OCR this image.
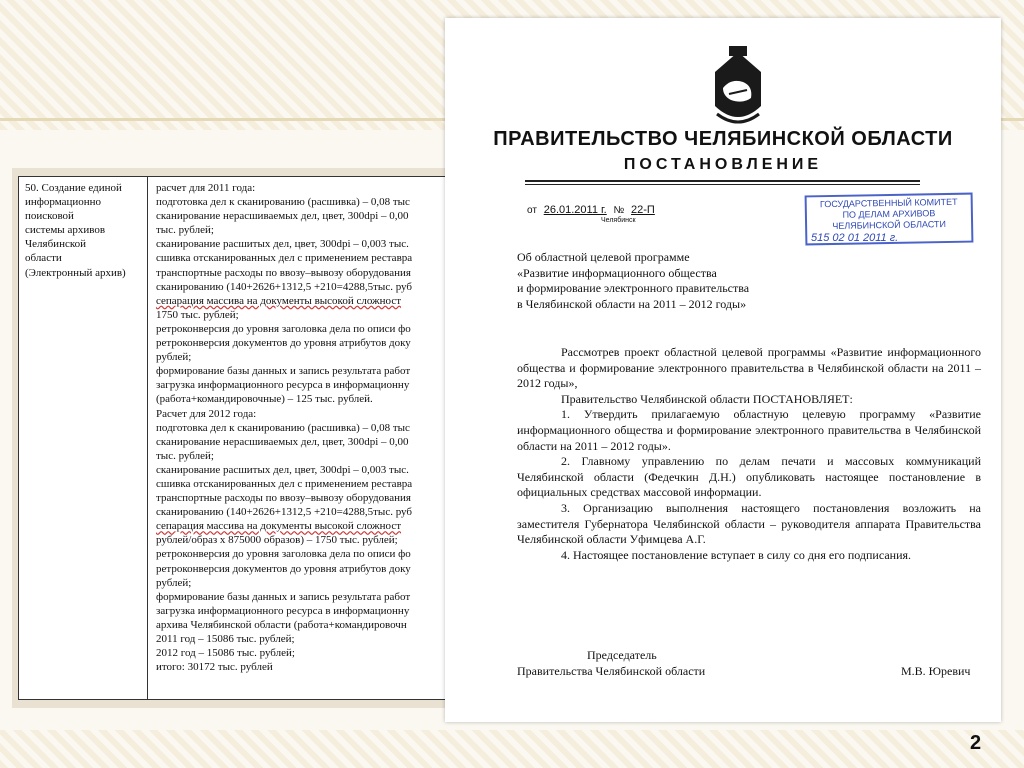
50. Создание единой
информационно
поисковой
системы архивов
Челябинской
области
(Электронный архив)
расчет для 2011 года:
подготовка дел к сканированию (расшивка) – 0,08 тыс
сканирование нерасшиваемых дел, цвет, 300dpi – 0,00
тыс. рублей;
сканирование расшитых дел, цвет, 300dpi – 0,003 тыс.
сшивка отсканированных дел с применением реставра
транспортные расходы по ввозу–вывозу оборудования
сканированию (140+2626+1312,5 +210=4288,5тыс. руб
сепарация массива на документы высокой сложност
1750 тыс. рублей;
ретроконверсия до уровня заголовка дела по описи фо
ретроконверсия документов до уровня атрибутов доку
рублей;
формирование базы данных и запись результата работ
загрузка информационного ресурса в информационну
(работа+командировочные) – 125 тыс. рублей.
Расчет для 2012 года:
подготовка дел к сканированию (расшивка) – 0,08 тыс
сканирование нерасшиваемых дел, цвет, 300dpi – 0,00
тыс. рублей;
сканирование расшитых дел, цвет, 300dpi – 0,003 тыс.
сшивка отсканированных дел с применением реставра
транспортные расходы по ввозу–вывозу оборудования
сканированию (140+2626+1312,5 +210=4288,5тыс. руб
сепарация массива на документы высокой сложност
рублей/образ х 875000 образов) – 1750 тыс. рублей;
ретроконверсия до уровня заголовка дела по описи фо
ретроконверсия документов до уровня атрибутов доку
рублей;
формирование базы данных и запись результата работ
загрузка информационного ресурса в информационну
архива Челябинской области (работа+командировочн
2011 год – 15086 тыс. рублей;
2012 год – 15086 тыс. рублей;
итого: 30172 тыс. рублей
ПРАВИТЕЛЬСТВО ЧЕЛЯБИНСКОЙ ОБЛАСТИ
ПОСТАНОВЛЕНИЕ
от 26.01.2011 г. № 22-П
Челябинск
ГОСУДАРСТВЕННЫЙ КОМИТЕТ
ПО ДЕЛАМ АРХИВОВ
ЧЕЛЯБИНСКОЙ ОБЛАСТИ
515 02 01 2011 г.
Об областной целевой программе
«Развитие информационного общества
и формирование электронного правительства
в Челябинской области на 2011 – 2012 годы»

Рассмотрев проект областной целевой программы «Развитие информационного общества и формирование электронного правительства в Челябинской области на 2011 – 2012 годы»,

Правительство Челябинской области ПОСТАНОВЛЯЕТ:

1. Утвердить прилагаемую областную целевую программу «Развитие информационного общества и формирование электронного правительства в Челябинской области на 2011 – 2012 годы».

2. Главному управлению по делам печати и массовых коммуникаций Челябинской области (Федечкин Д.Н.) опубликовать настоящее постановление в официальных средствах массовой информации.

3. Организацию выполнения настоящего постановления возложить на заместителя Губернатора Челябинской области – руководителя аппарата Правительства Челябинской области Уфимцева А.Г.

4. Настоящее постановление вступает в силу со дня его подписания.

Председатель
Правительства Челябинской области	М.В. Юревич
2
